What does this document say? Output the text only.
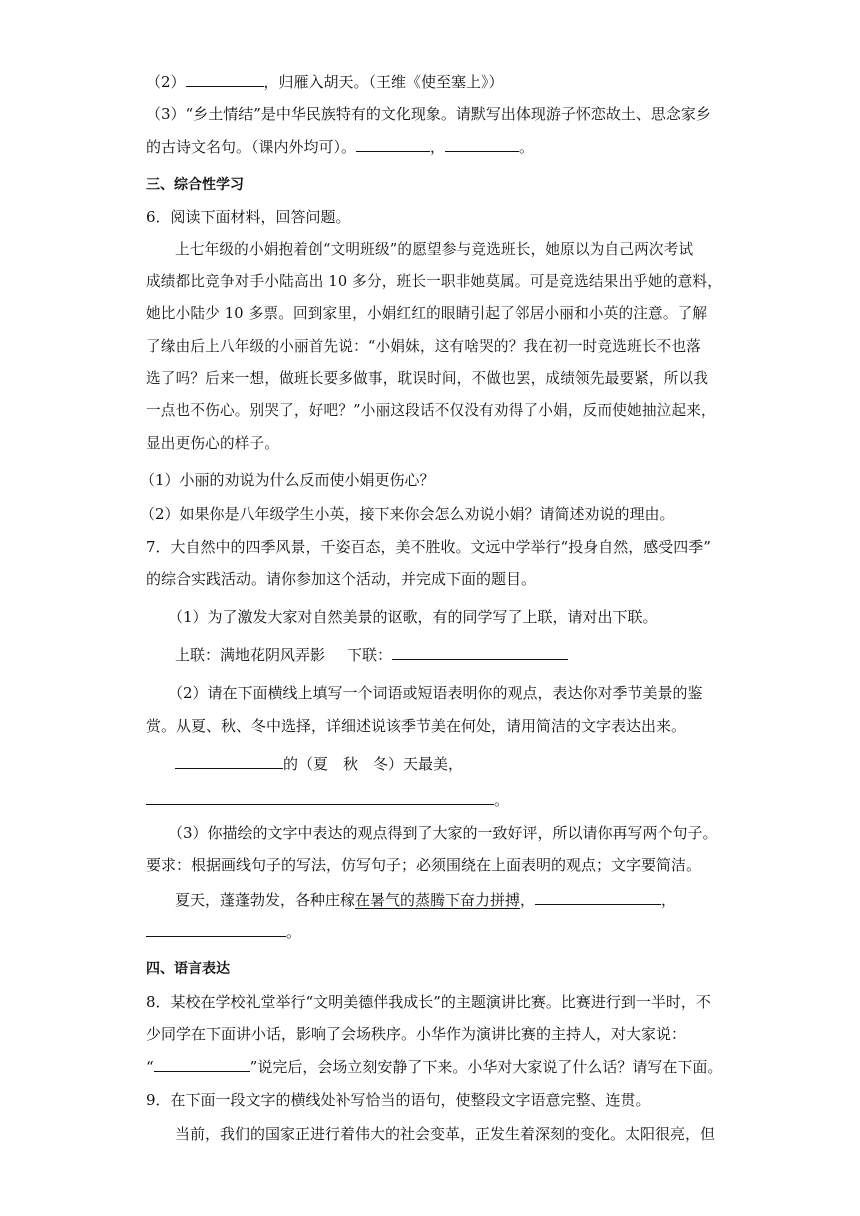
（2）	，归雁入胡天。（王维《使至塞上》）
（3）“乡土情结”是中华民族特有的文化现象。请默写出体现游子怀恋故土、思念家乡
的古诗文名句。（课内外均可）。	，	。
三、综合性学习
6．阅读下面材料，回答问题。
上七年级的小娟抱着创“文明班级”的愿望参与竞选班长，她原以为自己两次考试
成绩都比竞争对手小陆高出 10 多分，班长一职非她莫属。可是竞选结果出乎她的意料，
她比小陆少 10 多票。回到家里，小娟红红的眼睛引起了邻居小丽和小英的注意。了解
了缘由后上八年级的小丽首先说：“小娟妹，这有啥哭的？我在初一时竞选班长不也落
选了吗？后来一想，做班长要多做事，耽误时间，不做也罢，成绩领先最要紧，所以我
一点也不伤心。别哭了，好吧？”小丽这段话不仅没有劝得了小娟，反而使她抽泣起来，
显出更伤心的样子。
（1）小丽的劝说为什么反而使小娟更伤心？
（2）如果你是八年级学生小英，接下来你会怎么劝说小娟？请简述劝说的理由。
7．大自然中的四季风景，千姿百态，美不胜收。文远中学举行“投身自然，感受四季”
的综合实践活动。请你参加这个活动，并完成下面的题目。
（1）为了激发大家对自然美景的讴歌，有的同学写了上联，请对出下联。
上联：满地花阴风弄影 下联：
（2）请在下面横线上填写一个词语或短语表明你的观点，表达你对季节美景的鉴
赏。从夏、秋、冬中选择，详细述说该季节美在何处，请用简洁的文字表达出来。
的（夏　秋　冬）天最美，
。
（3）你描绘的文字中表达的观点得到了大家的一致好评，所以请你再写两个句子。
要求：根据画线句子的写法，仿写句子；必须围绕在上面表明的观点；文字要简洁。
夏天，蓬蓬勃发，各种庄稼在暑气的蒸腾下奋力拼搏，	，
。
四、语言表达
8．某校在学校礼堂举行“文明美德伴我成长”的主题演讲比赛。比赛进行到一半时，不
少同学在下面讲小话，影响了会场秩序。小华作为演讲比赛的主持人，对大家说：
“	”说完后，会场立刻安静了下来。小华对大家说了什么话？请写在下面。
9．在下面一段文字的横线处补写恰当的语句，使整段文字语意完整、连贯。
当前，我们的国家正进行着伟大的社会变革，正发生着深刻的变化。太阳很亮，但
